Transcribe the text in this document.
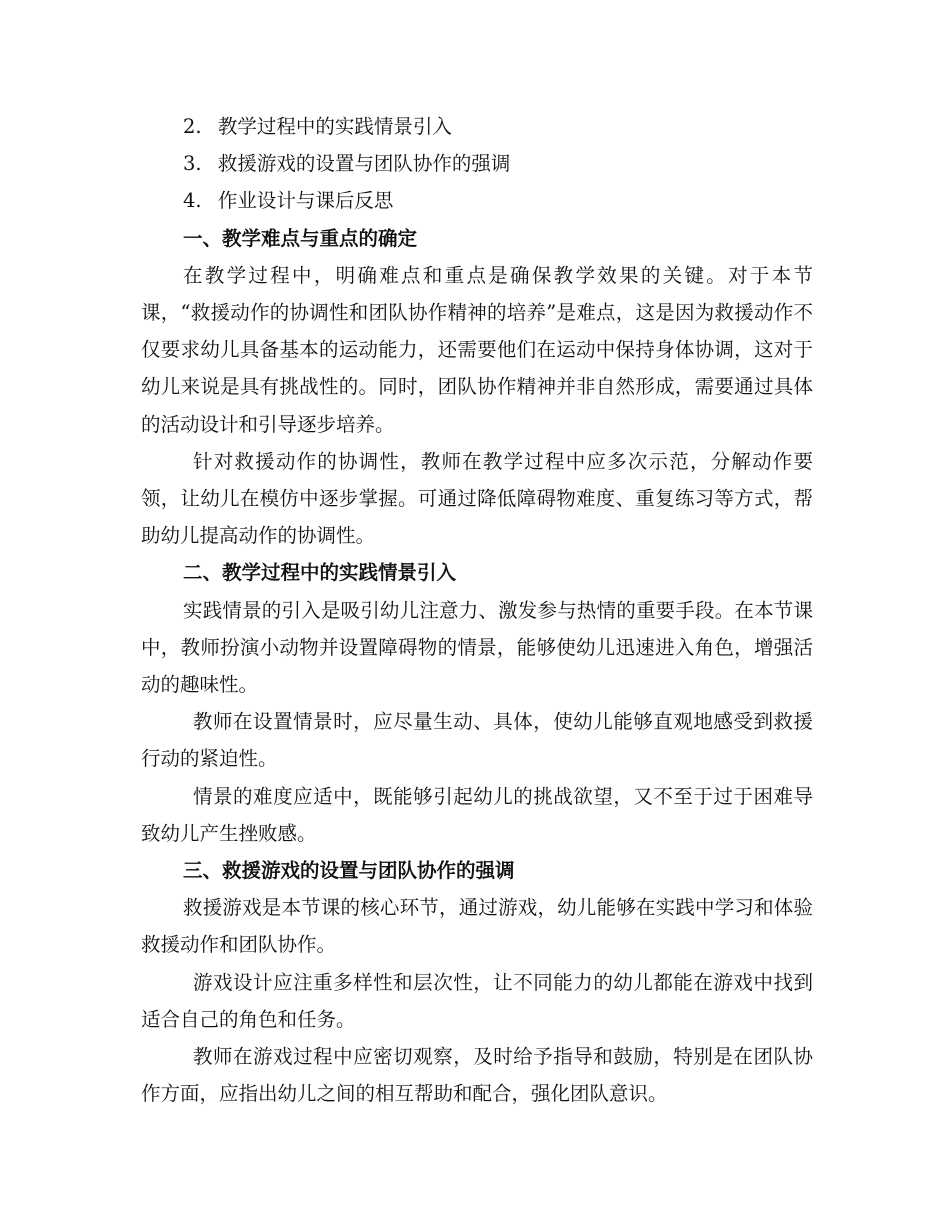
2. 教学过程中的实践情景引入
3. 救援游戏的设置与团队协作的强调
4. 作业设计与课后反思
一、教学难点与重点的确定
在教学过程中，明确难点和重点是确保教学效果的关键。对于本节课，“救援动作的协调性和团队协作精神的培养”是难点，这是因为救援动作不仅要求幼儿具备基本的运动能力，还需要他们在运动中保持身体协调，这对于幼儿来说是具有挑战性的。同时，团队协作精神并非自然形成，需要通过具体的活动设计和引导逐步培养。
针对救援动作的协调性，教师在教学过程中应多次示范，分解动作要领，让幼儿在模仿中逐步掌握。可通过降低障碍物难度、重复练习等方式，帮助幼儿提高动作的协调性。
二、教学过程中的实践情景引入
实践情景的引入是吸引幼儿注意力、激发参与热情的重要手段。在本节课中，教师扮演小动物并设置障碍物的情景，能够使幼儿迅速进入角色，增强活动的趣味性。
教师在设置情景时，应尽量生动、具体，使幼儿能够直观地感受到救援行动的紧迫性。
情景的难度应适中，既能够引起幼儿的挑战欲望，又不至于过于困难导致幼儿产生挫败感。
三、救援游戏的设置与团队协作的强调
救援游戏是本节课的核心环节，通过游戏，幼儿能够在实践中学习和体验救援动作和团队协作。
游戏设计应注重多样性和层次性，让不同能力的幼儿都能在游戏中找到适合自己的角色和任务。
教师在游戏过程中应密切观察，及时给予指导和鼓励，特别是在团队协作方面，应指出幼儿之间的相互帮助和配合，强化团队意识。
